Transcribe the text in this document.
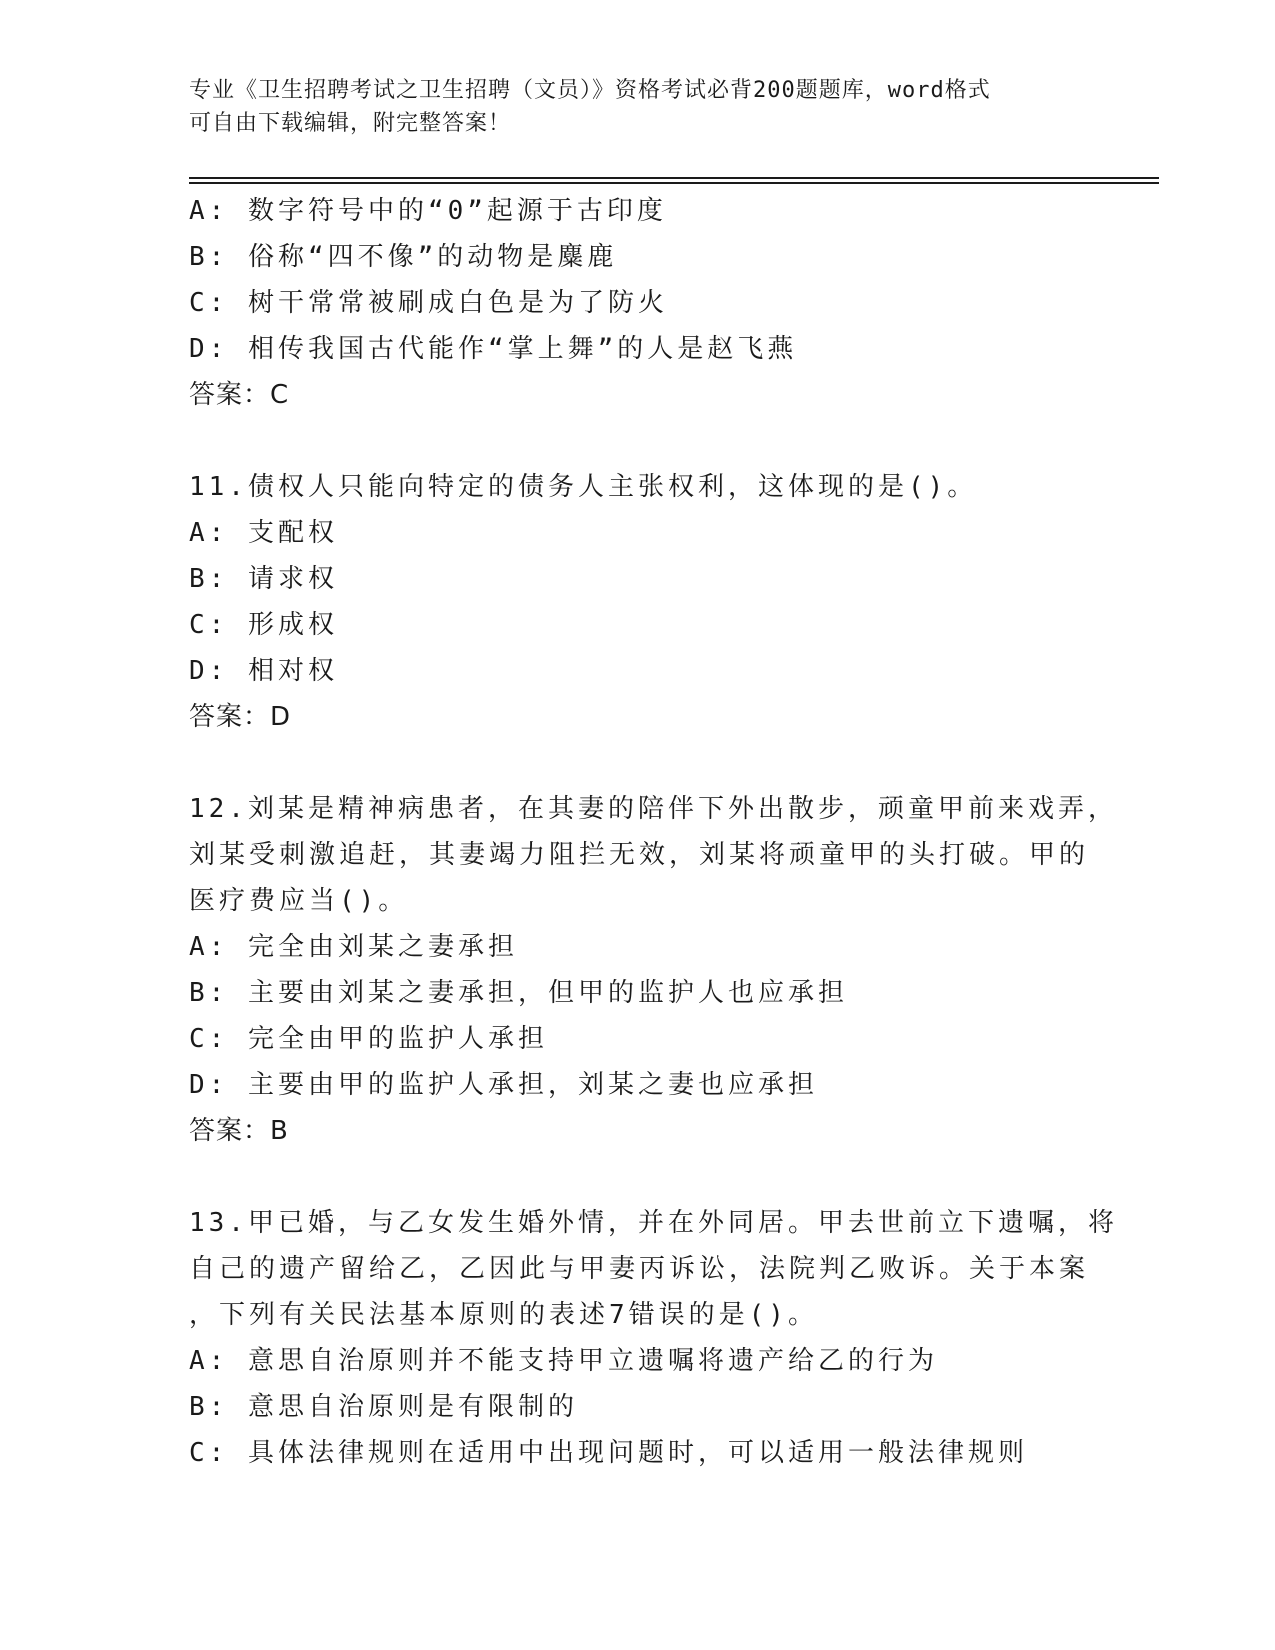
专业《卫生招聘考试之卫生招聘（文员）》资格考试必背200题题库，word格式
可自由下载编辑，附完整答案！
A: 数字符号中的“0”起源于古印度
B: 俗称“四不像”的动物是麋鹿
C: 树干常常被刷成白色是为了防火
D: 相传我国古代能作“掌上舞”的人是赵飞燕
答案：C
11.债权人只能向特定的债务人主张权利，这体现的是()。
A: 支配权
B: 请求权
C: 形成权
D: 相对权
答案：D
12.刘某是精神病患者，在其妻的陪伴下外出散步，顽童甲前来戏弄，
刘某受刺激追赶，其妻竭力阻拦无效，刘某将顽童甲的头打破。甲的
医疗费应当()。
A: 完全由刘某之妻承担
B: 主要由刘某之妻承担，但甲的监护人也应承担
C: 完全由甲的监护人承担
D: 主要由甲的监护人承担，刘某之妻也应承担
答案：B
13.甲已婚，与乙女发生婚外情，并在外同居。甲去世前立下遗嘱，将
自己的遗产留给乙，乙因此与甲妻丙诉讼，法院判乙败诉。关于本案
，下列有关民法基本原则的表述7错误的是()。
A: 意思自治原则并不能支持甲立遗嘱将遗产给乙的行为
B: 意思自治原则是有限制的
C: 具体法律规则在适用中出现问题时，可以适用一般法律规则
